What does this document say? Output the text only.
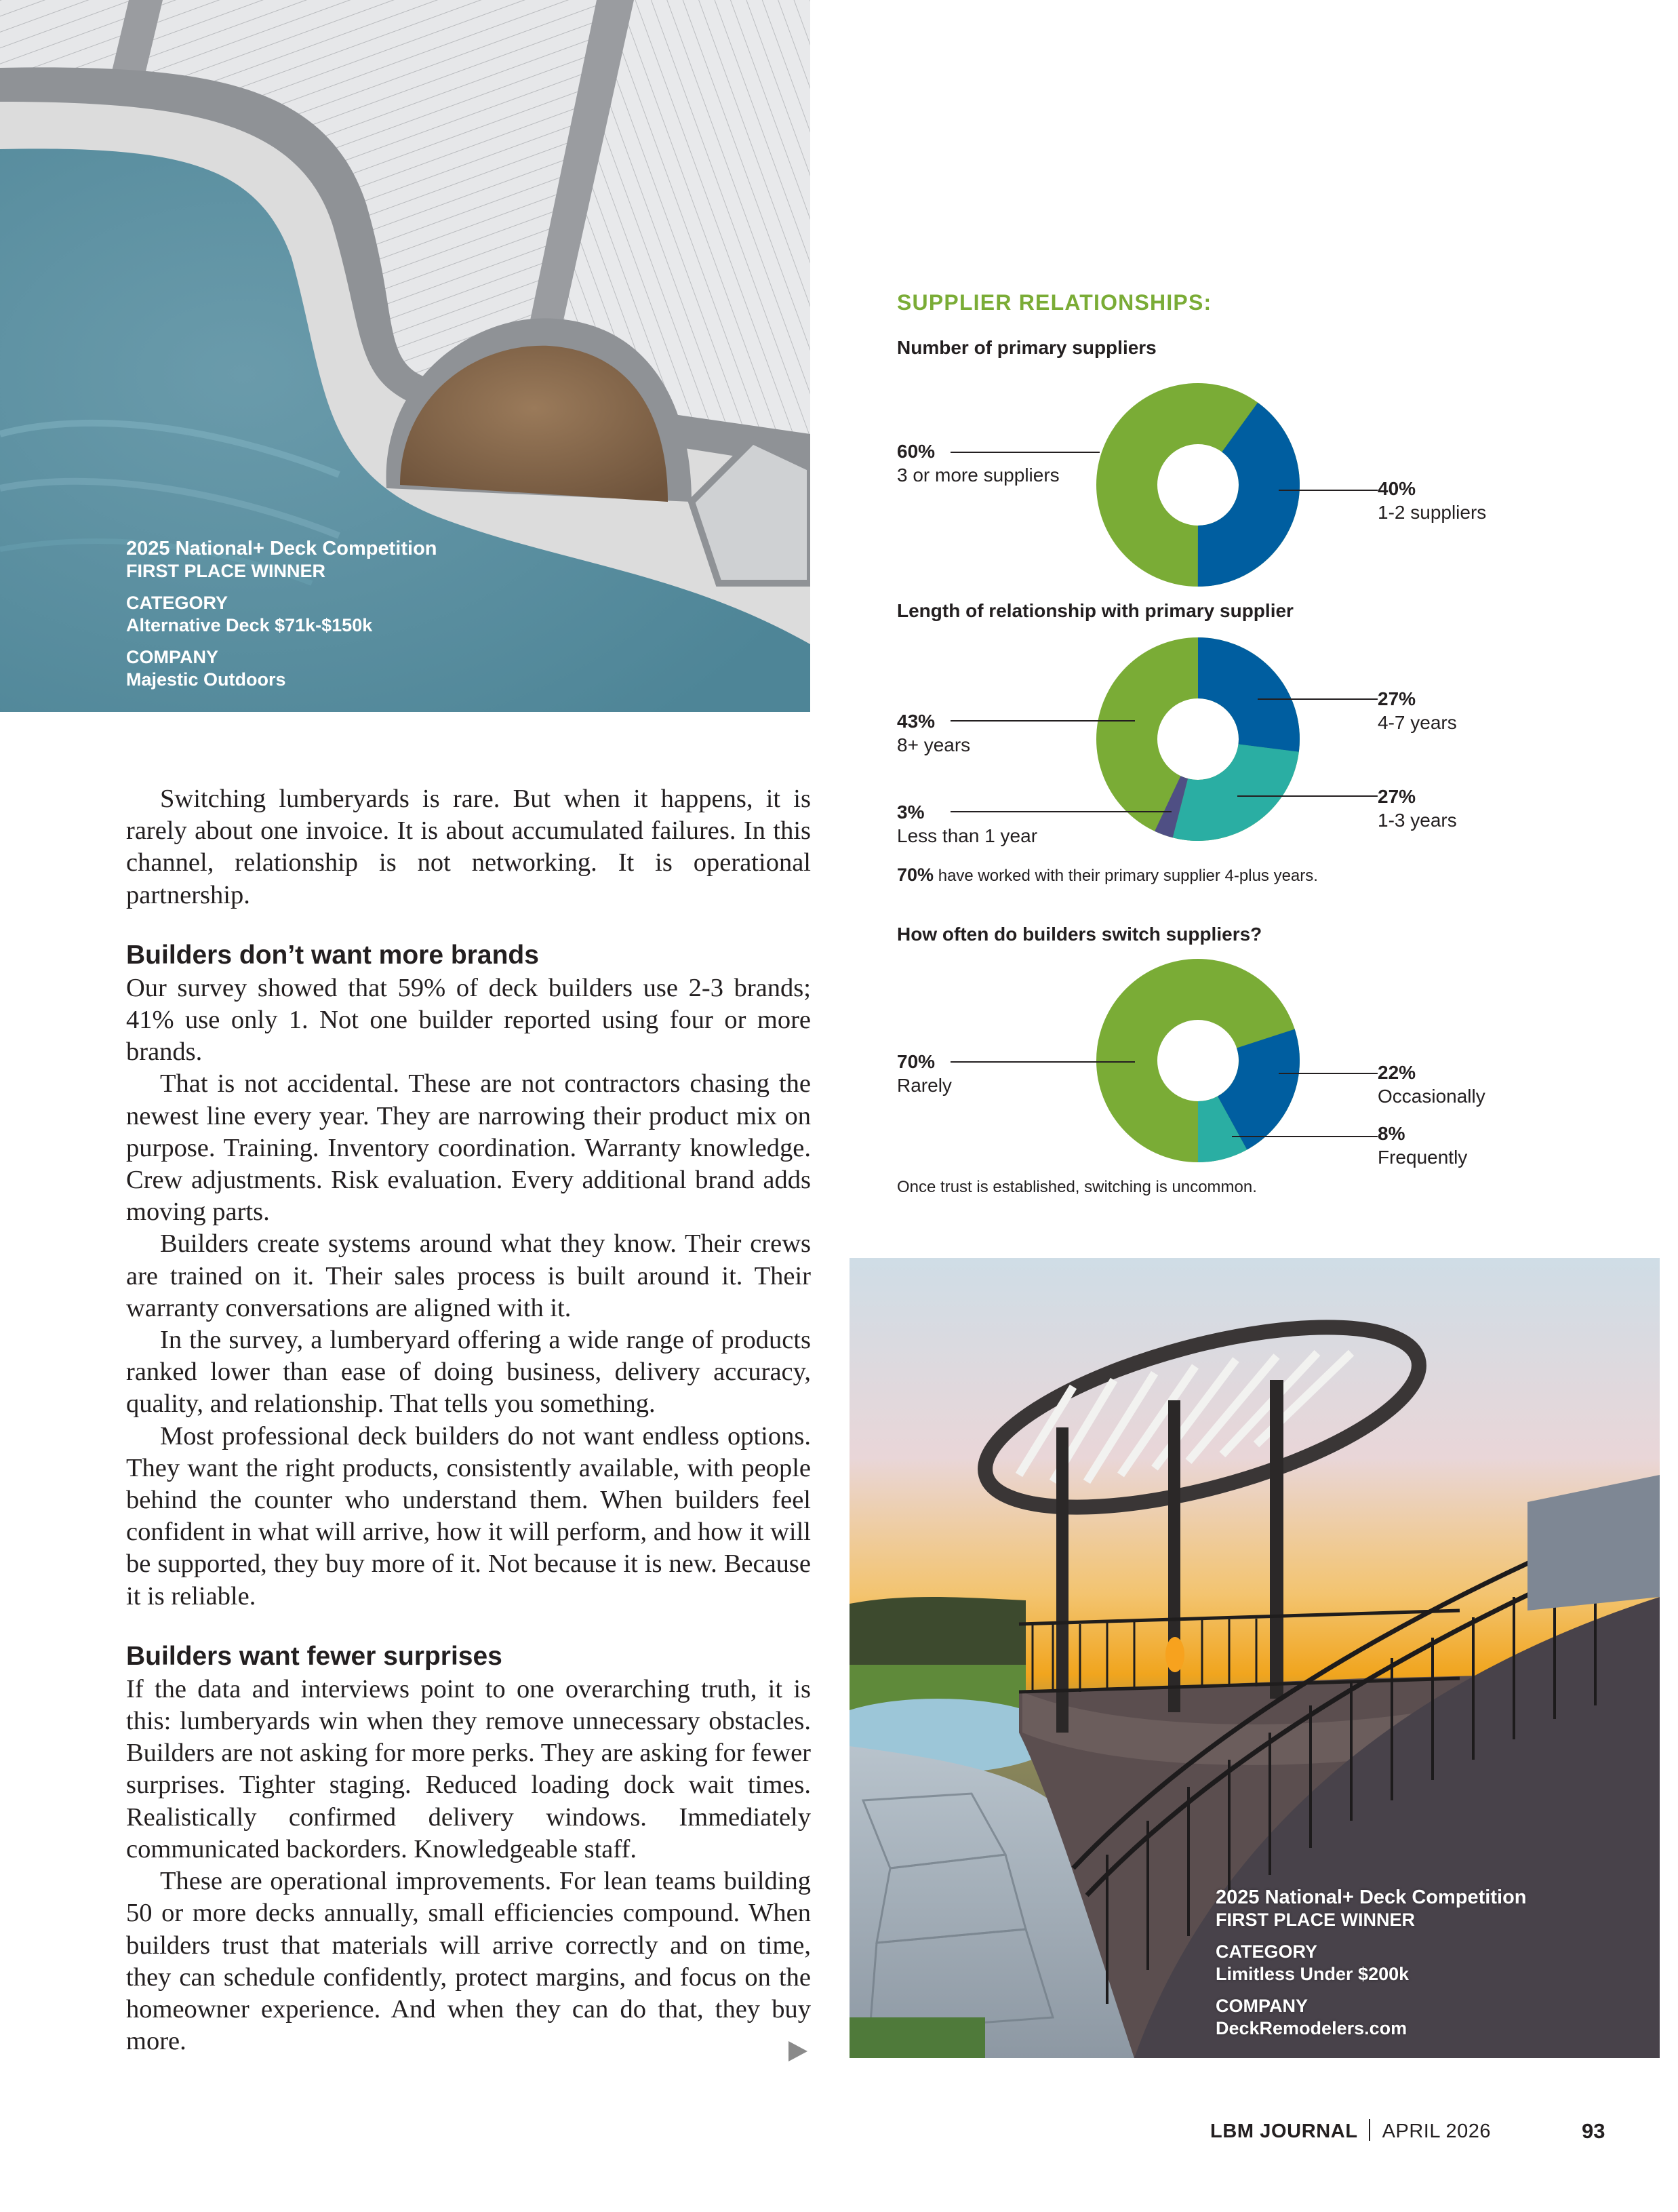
2025 National+ Deck Competition
FIRST PLACE WINNER
CATEGORY
Alternative Deck $71k-$150k
COMPANY
Majestic Outdoors

Switching lumberyards is rare. But when it happens, it is rarely about one invoice. It is about accumulated failures. In this channel, relationship is not networking. It is operational partnership.

Builders don’t want more brands

Our survey showed that 59% of deck builders use 2-3 brands; 41% use only 1. Not one builder reported using four or more brands.

That is not accidental. These are not contractors chasing the newest line every year. They are narrowing their product mix on purpose. Training. Inventory coordination. Warranty knowledge. Crew adjustments. Risk evaluation. Every additional brand adds moving parts.

Builders create systems around what they know. Their crews are trained on it. Their sales process is built around it. Their warranty conversations are aligned with it.

In the survey, a lumberyard offering a wide range of products ranked lower than ease of doing business, delivery accuracy, quality, and relationship. That tells you something.

Most professional deck builders do not want endless options. They want the right products, consistently available, with people behind the counter who understand them. When builders feel confident in what will arrive, how it will perform, and how it will be supported, they buy more of it. Not because it is new. Because it is reliable.

Builders want fewer surprises

If the data and interviews point to one overarching truth, it is this: lumberyards win when they remove unnecessary obstacles. Builders are not asking for more perks. They are asking for fewer surprises. Tighter staging. Reduced loading dock wait times. Realistically confirmed delivery windows. Immediately communicated backorders. Knowledgeable staff.

These are operational improvements. For lean teams building 50 or more decks annually, small efficiencies compound. When builders trust that materials will arrive correctly and on time, they can schedule confidently, protect margins, and focus on the homeowner experience. And when they can do that, they buy more.

SUPPLIER RELATIONSHIPS:
Number of primary suppliers
60%
3 or more suppliers
40%
1-2 suppliers
Length of relationship with primary supplier
43%
8+ years
27%
4-7 years
27%
1-3 years
3%
Less than 1 year
70% have worked with their primary supplier 4-plus years.
How often do builders switch suppliers?
70%
Rarely
22%
Occasionally
8%
Frequently
Once trust is established, switching is uncommon.
2025 National+ Deck Competition
FIRST PLACE WINNER
CATEGORY
Limitless Under $200k
COMPANY
DeckRemodelers.com
LBM JOURNAL APRIL 2026	93
